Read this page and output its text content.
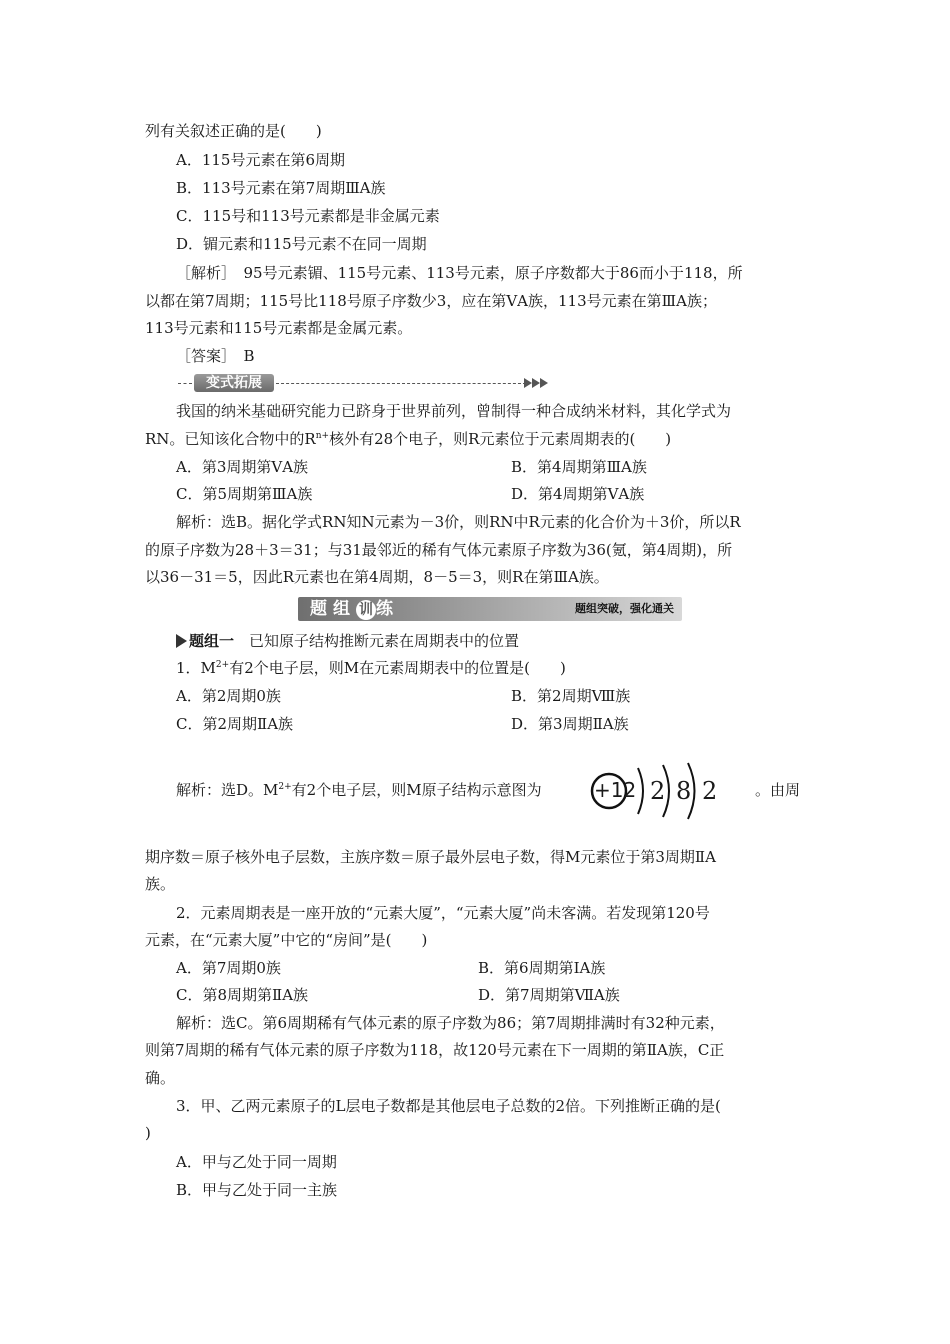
列有关叙述正确的是(　　)
A．115号元素在第6周期
B．113号元素在第7周期ⅢA族
C．115号和113号元素都是非金属元素
D．镅元素和115号元素不在同一周期
［解析］　95号元素镅、115号元素、113号元素，原子序数都大于86而小于118，所
以都在第7周期；115号比118号原子序数少3，应在第ⅤA族，113号元素在第ⅢA族；
113号元素和115号元素都是金属元素。
［答案］　B
变式拓展
我国的纳米基础研究能力已跻身于世界前列，曾制得一种合成纳米材料，其化学式为
RN。已知该化合物中的$R^{n+}$核外有28个电子，则R元素位于元素周期表的(　　)
A．第3周期第ⅤA族	B．第4周期第ⅢA族
C．第5周期第ⅢA族	D．第4周期第ⅤA族
解析：选B。据化学式RN知N元素为－3价，则RN中R元素的化合价为＋3价，所以R
的原子序数为28＋3＝31；与31最邻近的稀有气体元素原子序数为36(氪，第4周期)，所
以36－31＝5，因此R元素也在第4周期，8－5＝3，则R在第ⅢA族。
题组 训 练	题组突破，强化通关
题组一　 已知原子结构推断元素在周期表中的位置
1．$M^{2+}$有2个电子层，则M在元素周期表中的位置是(　　)
A．第2周期0族	B．第2周期Ⅷ族
C．第2周期ⅡA族	D．第3周期ⅡA族
解析：选D。$M^{2+}$有2个电子层，则M原子结构示意图为	。由周
+12 2 8 2
期序数＝原子核外电子层数，主族序数＝原子最外层电子数，得M元素位于第3周期ⅡA
族。
2．元素周期表是一座开放的“元素大厦”，“元素大厦”尚未客满。若发现第120号
元素，在“元素大厦”中它的“房间”是(　　)
A．第7周期0族	B．第6周期第ⅠA族
C．第8周期第ⅡA族	D．第7周期第ⅦA族
解析：选C。第6周期稀有气体元素的原子序数为86；第7周期排满时有32种元素，
则第7周期的稀有气体元素的原子序数为118，故120号元素在下一周期的第ⅡA族，C正
确。
3．甲、乙两元素原子的L层电子数都是其他层电子总数的2倍。下列推断正确的是(
)
A．甲与乙处于同一周期
B．甲与乙处于同一主族
